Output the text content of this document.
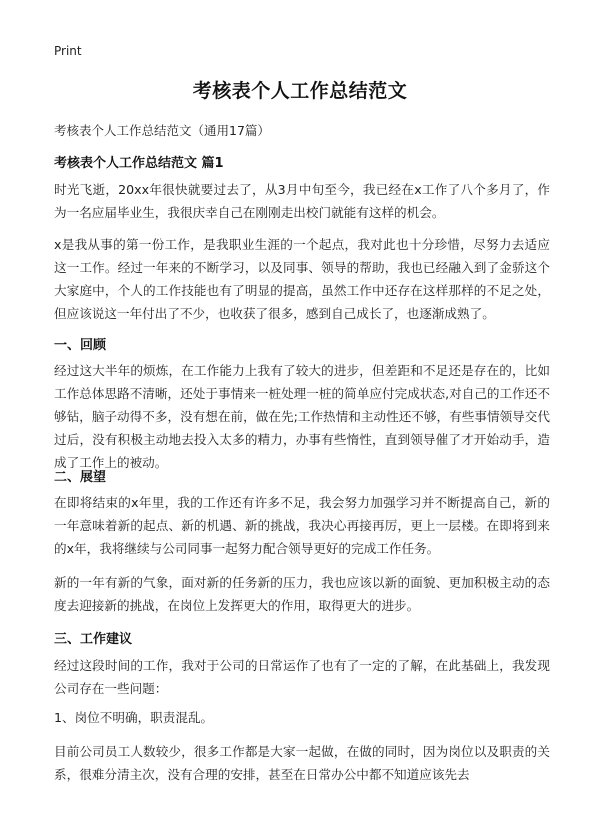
Print
考核表个人工作总结范文
考核表个人工作总结范文（通用17篇）
考核表个人工作总结范文 篇1
时光飞逝，20xx年很快就要过去了，从3月中旬至今，我已经在x工作了八个多月了，作为一名应届毕业生，我很庆幸自己在刚刚走出校门就能有这样的机会。
x是我从事的第一份工作，是我职业生涯的一个起点，我对此也十分珍惜，尽努力去适应这一工作。经过一年来的不断学习，以及同事、领导的帮助，我也已经融入到了金骄这个大家庭中，个人的工作技能也有了明显的提高，虽然工作中还存在这样那样的不足之处，但应该说这一年付出了不少，也收获了很多，感到自己成长了，也逐渐成熟了。
一、回顾
经过这大半年的烦炼，在工作能力上我有了较大的进步，但差距和不足还是存在的，比如工作总体思路不清晰，还处于事情来一桩处理一桩的简单应付完成状态,对自己的工作还不够钻，脑子动得不多，没有想在前，做在先;工作热情和主动性还不够，有些事情领导交代过后，没有积极主动地去投入太多的精力，办事有些惰性，直到领导催了才开始动手，造成了工作上的被动。
二、展望
在即将结束的x年里，我的工作还有许多不足，我会努力加强学习并不断提高自己，新的一年意味着新的起点、新的机遇、新的挑战，我决心再接再厉，更上一层楼。在即将到来的x年，我将继续与公司同事一起努力配合领导更好的完成工作任务。
新的一年有新的气象，面对新的任务新的压力，我也应该以新的面貌、更加积极主动的态度去迎接新的挑战，在岗位上发挥更大的作用，取得更大的进步。
三、工作建议
经过这段时间的工作，我对于公司的日常运作了也有了一定的了解，在此基础上，我发现公司存在一些问题：
1、岗位不明确，职责混乱。
目前公司员工人数较少，很多工作都是大家一起做，在做的同时，因为岗位以及职责的关系，很难分清主次，没有合理的安排，甚至在日常办公中都不知道应该先去
